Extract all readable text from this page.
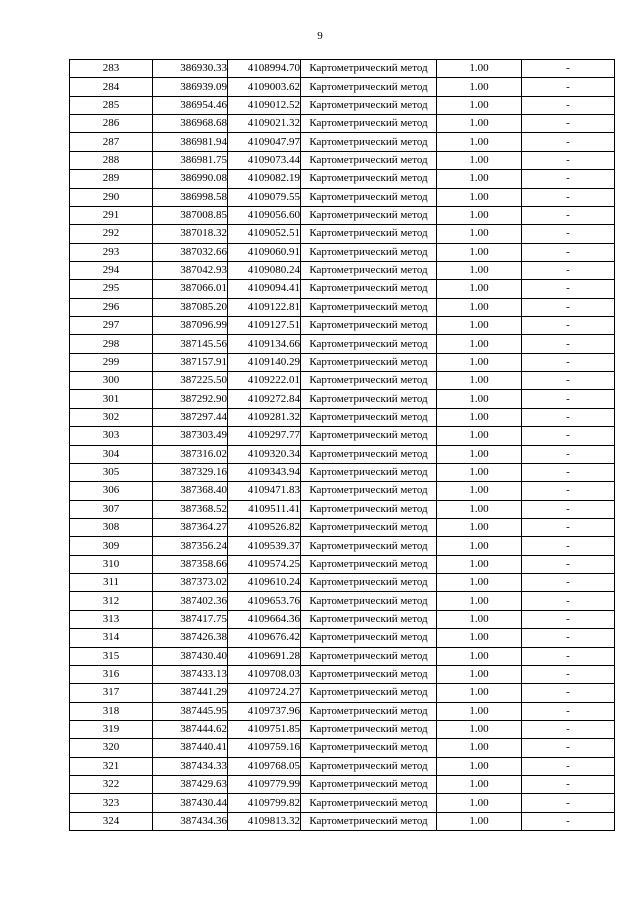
9
283	386930.33	4108994.70	Картометрический метод	1.00	-
284	386939.09	4109003.62	Картометрический метод	1.00	-
285	386954.46	4109012.52	Картометрический метод	1.00	-
286	386968.68	4109021.32	Картометрический метод	1.00	-
287	386981.94	4109047.97	Картометрический метод	1.00	-
288	386981.75	4109073.44	Картометрический метод	1.00	-
289	386990.08	4109082.19	Картометрический метод	1.00	-
290	386998.58	4109079.55	Картометрический метод	1.00	-
291	387008.85	4109056.60	Картометрический метод	1.00	-
292	387018.32	4109052.51	Картометрический метод	1.00	-
293	387032.66	4109060.91	Картометрический метод	1.00	-
294	387042.93	4109080.24	Картометрический метод	1.00	-
295	387066.01	4109094.41	Картометрический метод	1.00	-
296	387085.20	4109122.81	Картометрический метод	1.00	-
297	387096.99	4109127.51	Картометрический метод	1.00	-
298	387145.56	4109134.66	Картометрический метод	1.00	-
299	387157.91	4109140.29	Картометрический метод	1.00	-
300	387225.50	4109222.01	Картометрический метод	1.00	-
301	387292.90	4109272.84	Картометрический метод	1.00	-
302	387297.44	4109281.32	Картометрический метод	1.00	-
303	387303.49	4109297.77	Картометрический метод	1.00	-
304	387316.02	4109320.34	Картометрический метод	1.00	-
305	387329.16	4109343.94	Картометрический метод	1.00	-
306	387368.40	4109471.83	Картометрический метод	1.00	-
307	387368.52	4109511.41	Картометрический метод	1.00	-
308	387364.27	4109526.82	Картометрический метод	1.00	-
309	387356.24	4109539.37	Картометрический метод	1.00	-
310	387358.66	4109574.25	Картометрический метод	1.00	-
311	387373.02	4109610.24	Картометрический метод	1.00	-
312	387402.36	4109653.76	Картометрический метод	1.00	-
313	387417.75	4109664.36	Картометрический метод	1.00	-
314	387426.38	4109676.42	Картометрический метод	1.00	-
315	387430.40	4109691.28	Картометрический метод	1.00	-
316	387433.13	4109708.03	Картометрический метод	1.00	-
317	387441.29	4109724.27	Картометрический метод	1.00	-
318	387445.95	4109737.96	Картометрический метод	1.00	-
319	387444.62	4109751.85	Картометрический метод	1.00	-
320	387440.41	4109759.16	Картометрический метод	1.00	-
321	387434.33	4109768.05	Картометрический метод	1.00	-
322	387429.63	4109779.99	Картометрический метод	1.00	-
323	387430.44	4109799.82	Картометрический метод	1.00	-
324	387434.36	4109813.32	Картометрический метод	1.00	-
